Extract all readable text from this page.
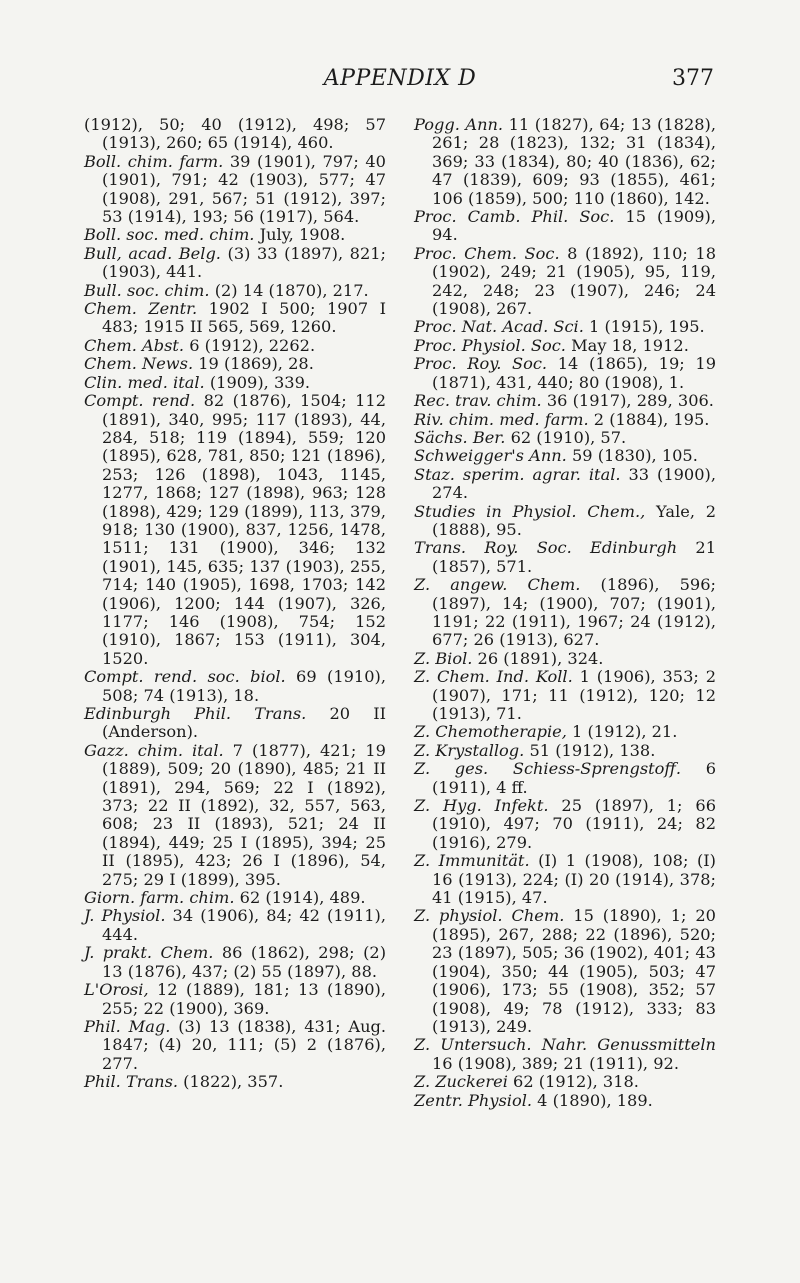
APPENDIX D	377
(1912), 50; 40 (1912), 498; 57 (1913), 260; 65 (1914), 460.
Boll. chim. farm. 39 (1901), 797; 40 (1901), 791; 42 (1903), 577; 47 (1908), 291, 567; 51 (1912), 397; 53 (1914), 193; 56 (1917), 564.
Boll. soc. med. chim. July, 1908.
Bull, acad. Belg. (3) 33 (1897), 821; (1903), 441.
Bull. soc. chim. (2) 14 (1870), 217.
Chem. Zentr. 1902 I 500; 1907 I 483; 1915 II 565, 569, 1260.
Chem. Abst. 6 (1912), 2262.
Chem. News. 19 (1869), 28.
Clin. med. ital. (1909), 339.
Compt. rend. 82 (1876), 1504; 112 (1891), 340, 995; 117 (1893), 44, 284, 518; 119 (1894), 559; 120 (1895), 628, 781, 850; 121 (1896), 253; 126 (1898), 1043, 1145, 1277, 1868; 127 (1898), 963; 128 (1898), 429; 129 (1899), 113, 379, 918; 130 (1900), 837, 1256, 1478, 1511; 131 (1900), 346; 132 (1901), 145, 635; 137 (1903), 255, 714; 140 (1905), 1698, 1703; 142 (1906), 1200; 144 (1907), 326, 1177; 146 (1908), 754; 152 (1910), 1867; 153 (1911), 304, 1520.
Compt. rend. soc. biol. 69 (1910), 508; 74 (1913), 18.
Edinburgh Phil. Trans. 20 II (Anderson).
Gazz. chim. ital. 7 (1877), 421; 19 (1889), 509; 20 (1890), 485; 21 II (1891), 294, 569; 22 I (1892), 373; 22 II (1892), 32, 557, 563, 608; 23 II (1893), 521; 24 II (1894), 449; 25 I (1895), 394; 25 II (1895), 423; 26 I (1896), 54, 275; 29 I (1899), 395.
Giorn. farm. chim. 62 (1914), 489.
J. Physiol. 34 (1906), 84; 42 (1911), 444.
J. prakt. Chem. 86 (1862), 298; (2) 13 (1876), 437; (2) 55 (1897), 88.
L'Orosi, 12 (1889), 181; 13 (1890), 255; 22 (1900), 369.
Phil. Mag. (3) 13 (1838), 431; Aug. 1847; (4) 20, 111; (5) 2 (1876), 277.
Phil. Trans. (1822), 357.
Pogg. Ann. 11 (1827), 64; 13 (1828), 261; 28 (1823), 132; 31 (1834), 369; 33 (1834), 80; 40 (1836), 62; 47 (1839), 609; 93 (1855), 461; 106 (1859), 500; 110 (1860), 142.
Proc. Camb. Phil. Soc. 15 (1909), 94.
Proc. Chem. Soc. 8 (1892), 110; 18 (1902), 249; 21 (1905), 95, 119, 242, 248; 23 (1907), 246; 24 (1908), 267.
Proc. Nat. Acad. Sci. 1 (1915), 195.
Proc. Physiol. Soc. May 18, 1912.
Proc. Roy. Soc. 14 (1865), 19; 19 (1871), 431, 440; 80 (1908), 1.
Rec. trav. chim. 36 (1917), 289, 306.
Riv. chim. med. farm. 2 (1884), 195.
Sächs. Ber. 62 (1910), 57.
Schweigger's Ann. 59 (1830), 105.
Staz. sperim. agrar. ital. 33 (1900), 274.
Studies in Physiol. Chem., Yale, 2 (1888), 95.
Trans. Roy. Soc. Edinburgh 21 (1857), 571.
Z. angew. Chem. (1896), 596; (1897), 14; (1900), 707; (1901), 1191; 22 (1911), 1967; 24 (1912), 677; 26 (1913), 627.
Z. Biol. 26 (1891), 324.
Z. Chem. Ind. Koll. 1 (1906), 353; 2 (1907), 171; 11 (1912), 120; 12 (1913), 71.
Z. Chemotherapie, 1 (1912), 21.
Z. Krystallog. 51 (1912), 138.
Z. ges. Schiess-Sprengstoff. 6 (1911), 4 ff.
Z. Hyg. Infekt. 25 (1897), 1; 66 (1910), 497; 70 (1911), 24; 82 (1916), 279.
Z. Immunität. (I) 1 (1908), 108; (I) 16 (1913), 224; (I) 20 (1914), 378; 41 (1915), 47.
Z. physiol. Chem. 15 (1890), 1; 20 (1895), 267, 288; 22 (1896), 520; 23 (1897), 505; 36 (1902), 401; 43 (1904), 350; 44 (1905), 503; 47 (1906), 173; 55 (1908), 352; 57 (1908), 49; 78 (1912), 333; 83 (1913), 249.
Z. Untersuch. Nahr. Genussmitteln 16 (1908), 389; 21 (1911), 92.
Z. Zuckerei 62 (1912), 318.
Zentr. Physiol. 4 (1890), 189.
